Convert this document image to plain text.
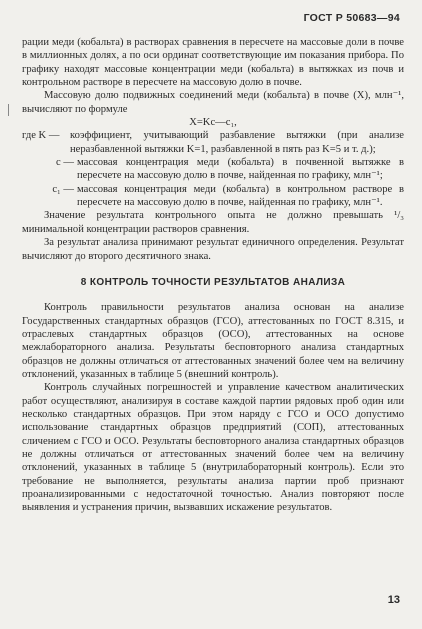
ГОСТ Р 50683—94

рации меди (кобальта) в растворах сравнения в пересчете на массовые доли в почве в миллионных долях, а по оси ординат соответствующие им показания прибора. По графику находят массовые концентрации меди (кобальта) в вытяжках из почв и контрольном растворе в пересчете на массовую долю в почве.

Массовую долю подвижных соединений меди (кобальта) в почве (X), млн⁻¹, вычисляют по формуле

X=Kc—c₁,

где K — коэффициент, учитывающий разбавление вытяжки (при анализе неразбавленной вытяжки K=1, разбавленной в пять раз K=5 и т. д.);
c — массовая концентрация меди (кобальта) в почвенной вытяжке в пересчете на массовую долю в почве, найденная по графику, млн⁻¹;
c₁ — массовая концентрация меди (кобальта) в контрольном растворе в пересчете на массовую долю в почве, найденная по графику, млн⁻¹.

Значение результата контрольного опыта не должно превышать ¹/₃ минимальной концентрации растворов сравнения.

За результат анализа принимают результат единичного определения. Результат вычисляют до второго десятичного знака.

8 КОНТРОЛЬ ТОЧНОСТИ РЕЗУЛЬТАТОВ АНАЛИЗА

Контроль правильности результатов анализа основан на анализе Государственных стандартных образцов (ГСО), аттестованных по ГОСТ 8.315, и отраслевых стандартных образцов (ОСО), аттестованных на основе межлабораторного анализа. Результаты бесповторного анализа стандартных образцов не должны отличаться от аттестованных значений более чем на величину отклонений, указанных в таблице 5 (внешний контроль).

Контроль случайных погрешностей и управление качеством аналитических работ осуществляют, анализируя в составе каждой партии рядовых проб один или несколько стандартных образцов. При этом наряду с ГСО и ОСО допустимо использование стандартных образцов предприятий (СОП), аттестованных сличением с ГСО и ОСО. Результаты бесповторного анализа стандартных образцов не должны отличаться от аттестованных значений более чем на величину отклонений, указанных в таблице 5 (внутрилабораторный контроль). Если это требование не выполняется, результаты анализа партии проб признают проанализированными с недостаточной точностью. Анализ повторяют после выявления и устранения причин, вызвавших искажение результатов.

13
